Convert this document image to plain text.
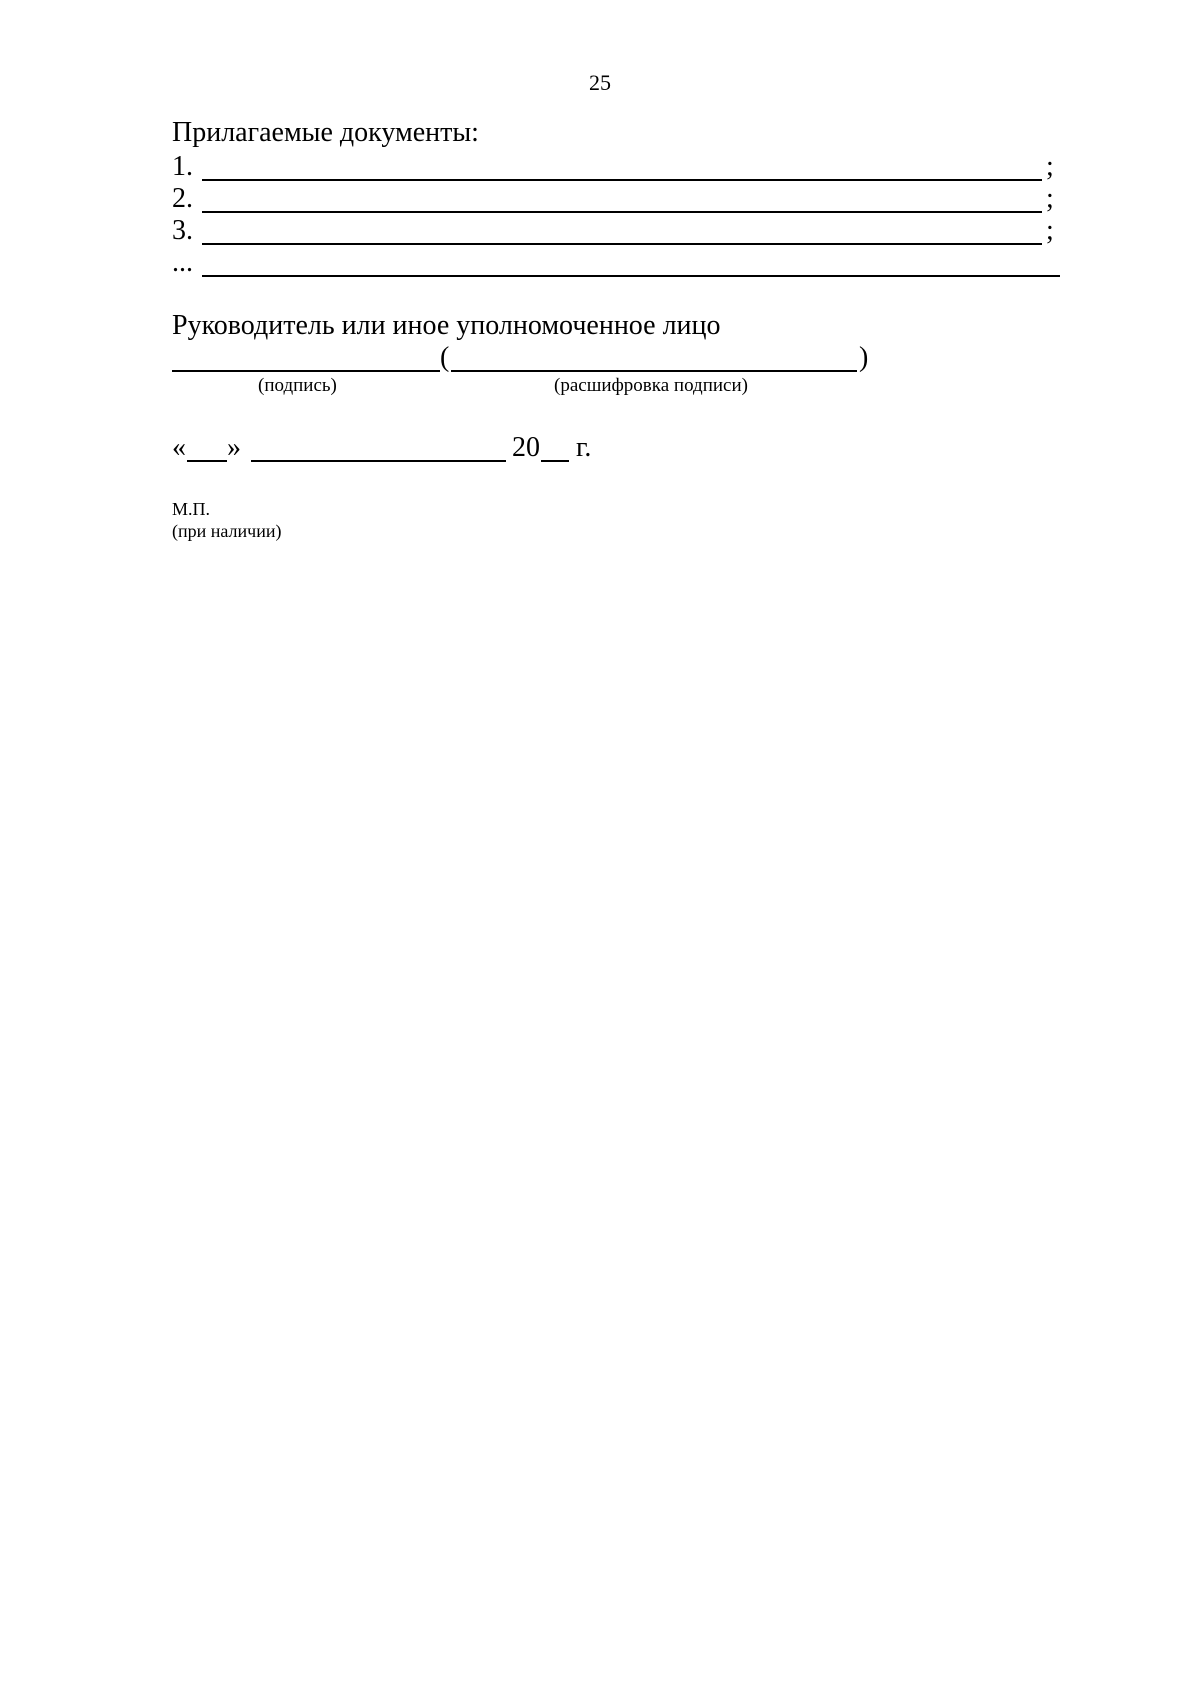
25
Прилагаемые документы:
1.	;
2.	;
3.	;
...
Руководитель или иное уполномоченное лицо
(	)
(подпись)	(расшифровка подписи)
« »	20 г.
М.П.
(при наличии)
